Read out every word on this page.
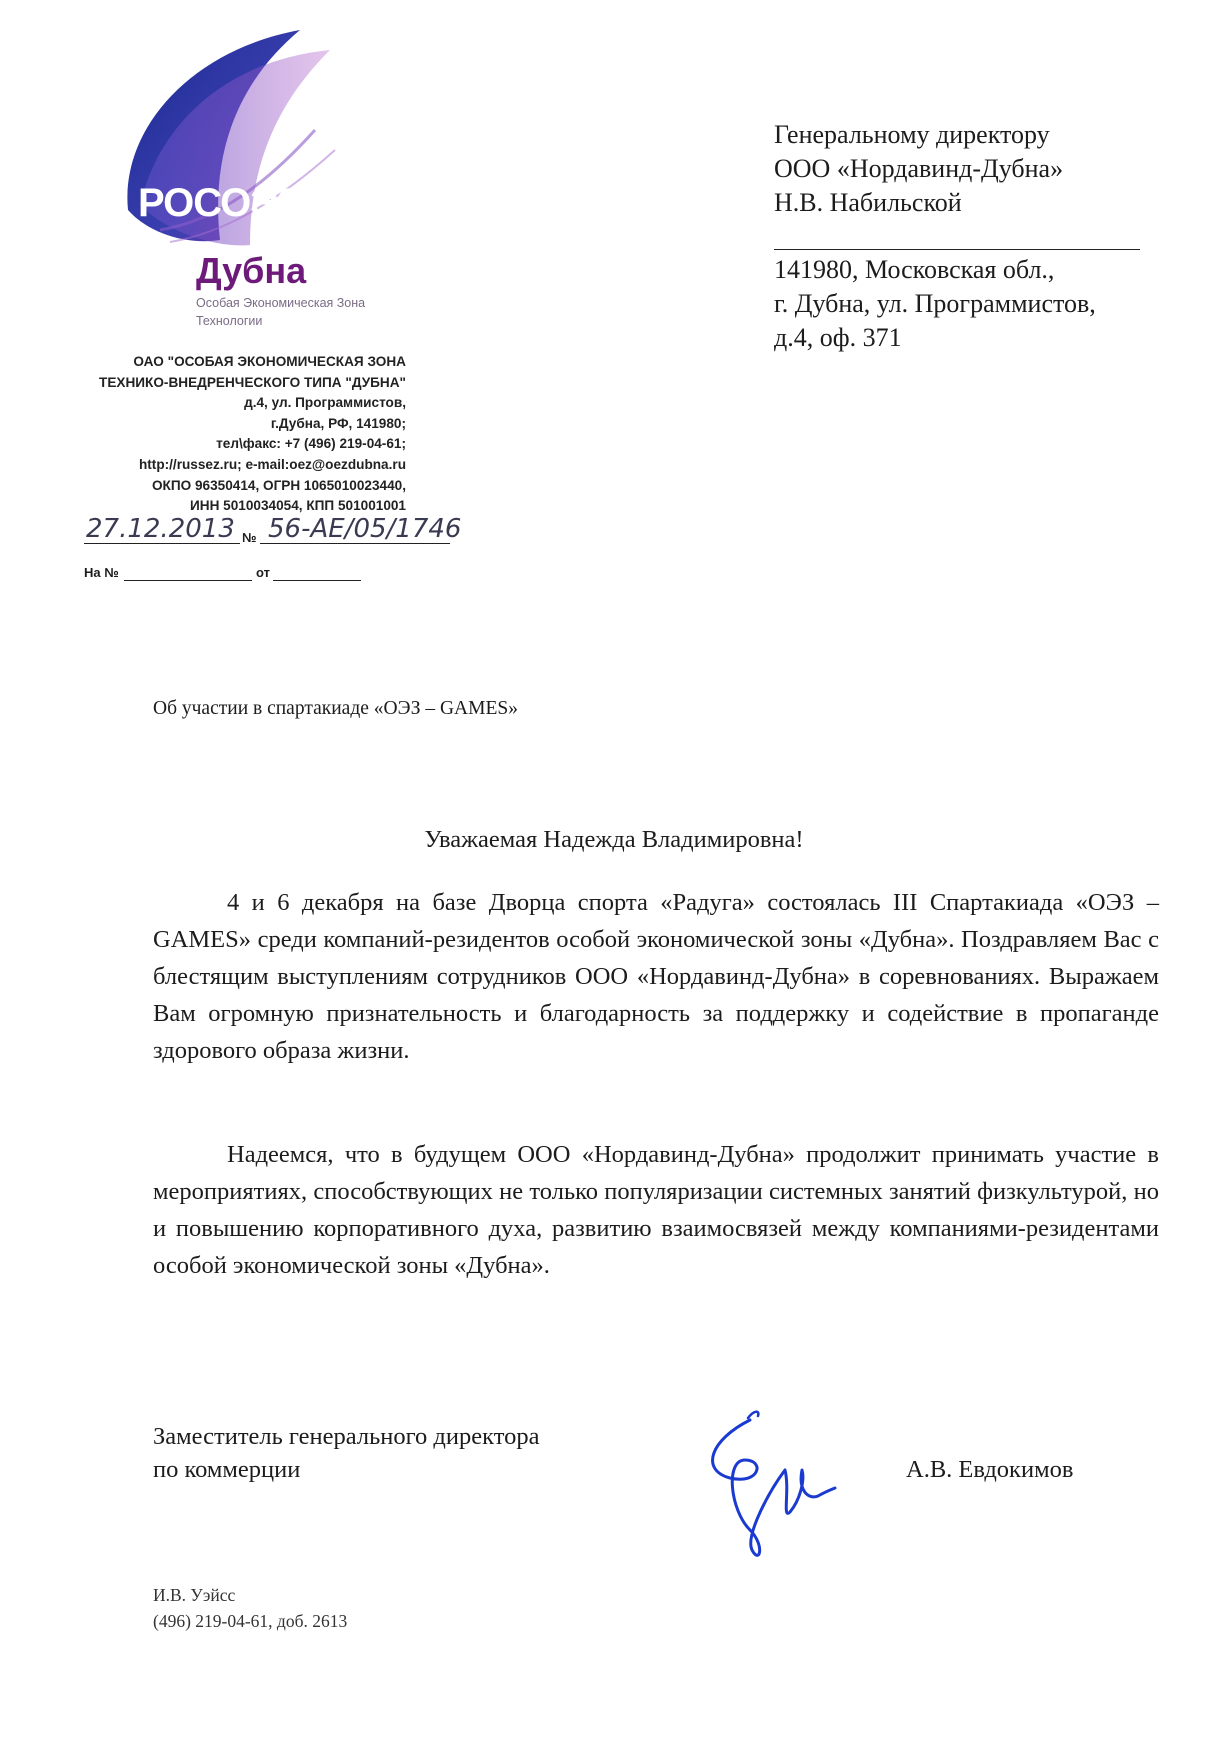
РОСОЭЗ ®
Дубна
Особая Экономическая Зона
Технологии
ОАО "ОСОБАЯ ЭКОНОМИЧЕСКАЯ ЗОНА
ТЕХНИКО-ВНЕДРЕНЧЕСКОГО ТИПА "ДУБНА"
д.4, ул. Программистов,
г.Дубна, РФ, 141980;
тел\факс: +7 (496) 219-04-61;
http://russez.ru; e-mail:oez@oezdubna.ru
ОКПО 96350414, ОГРН 1065010023440,
ИНН 5010034054, КПП 501001001
27.12.2013 № 56-АЕ/05/1746
На №	от
Генеральному директору
ООО «Нордавинд-Дубна»
Н.В. Набильской
141980, Московская обл.,
г. Дубна, ул. Программистов,
д.4, оф. 371
Об участии в спартакиаде «ОЭЗ – GAMES»
Уважаемая Надежда Владимировна!
4 и 6 декабря на базе Дворца спорта «Радуга» состоялась III Спартакиада «ОЭЗ – GAMES» среди компаний-резидентов особой экономической зоны «Дубна». Поздравляем Вас с блестящим выступлениям сотрудников ООО «Нордавинд-Дубна» в соревнованиях. Выражаем Вам огромную признательность и благодарность за поддержку и содействие в пропаганде здорового образа жизни.
Надеемся, что в будущем ООО «Нордавинд-Дубна» продолжит принимать участие в мероприятиях, способствующих не только популяризации системных занятий физкультурой, но и повышению корпоративного духа, развитию взаимосвязей между компаниями-резидентами особой экономической зоны «Дубна».
Заместитель генерального директора
по коммерции	А.В. Евдокимов
И.В. Уэйсс
(496) 219-04-61, доб. 2613
